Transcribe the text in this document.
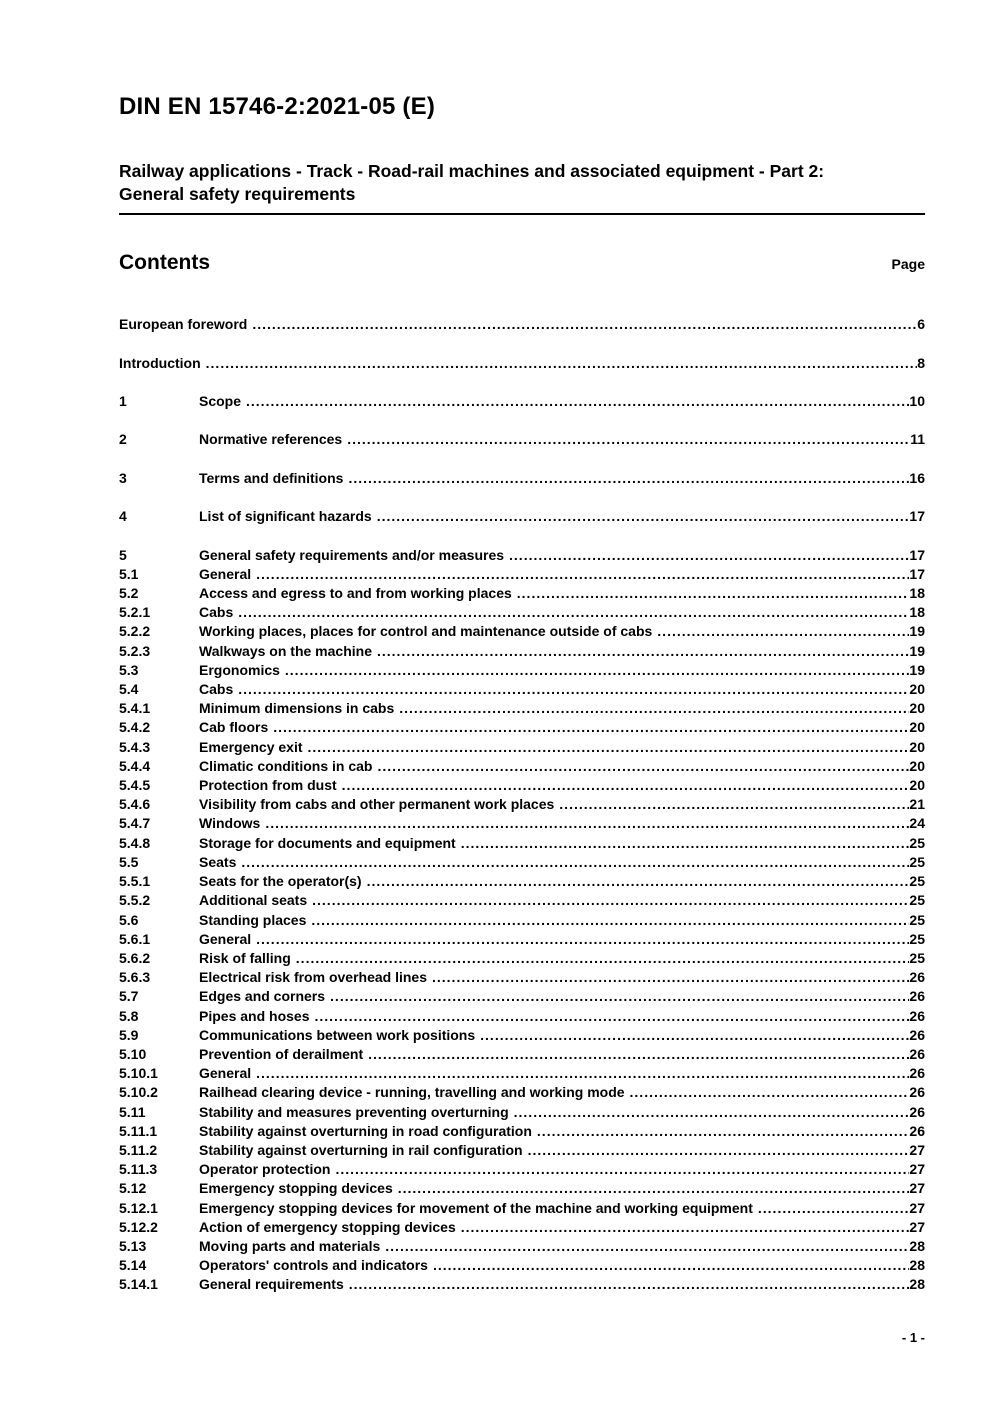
DIN EN 15746-2:2021-05 (E)
Railway applications - Track - Road-rail machines and associated equipment - Part 2:
General safety requirements
Contents	Page
European foreword .....	6
Introduction .....	8
1	Scope .....	10
2	Normative references .....	11
3	Terms and definitions .....	16
4	List of significant hazards .....	17
5	General safety requirements and/or measures .....	17
5.1	General .....	17
5.2	Access and egress to and from working places .....	18
5.2.1	Cabs .....	18
5.2.2	Working places, places for control and maintenance outside of cabs .....	19
5.2.3	Walkways on the machine .....	19
5.3	Ergonomics .....	19
5.4	Cabs .....	20
5.4.1	Minimum dimensions in cabs .....	20
5.4.2	Cab floors .....	20
5.4.3	Emergency exit .....	20
5.4.4	Climatic conditions in cab .....	20
5.4.5	Protection from dust .....	20
5.4.6	Visibility from cabs and other permanent work places .....	21
5.4.7	Windows .....	24
5.4.8	Storage for documents and equipment .....	25
5.5	Seats .....	25
5.5.1	Seats for the operator(s) .....	25
5.5.2	Additional seats .....	25
5.6	Standing places .....	25
5.6.1	General .....	25
5.6.2	Risk of falling .....	25
5.6.3	Electrical risk from overhead lines .....	26
5.7	Edges and corners .....	26
5.8	Pipes and hoses .....	26
5.9	Communications between work positions .....	26
5.10	Prevention of derailment .....	26
5.10.1	General .....	26
5.10.2	Railhead clearing device - running, travelling and working mode .....	26
5.11	Stability and measures preventing overturning .....	26
5.11.1	Stability against overturning in road configuration .....	26
5.11.2	Stability against overturning in rail configuration .....	27
5.11.3	Operator protection .....	27
5.12	Emergency stopping devices .....	27
5.12.1	Emergency stopping devices for movement of the machine and working equipment .....	27
5.12.2	Action of emergency stopping devices .....	27
5.13	Moving parts and materials .....	28
5.14	Operators' controls and indicators .....	28
5.14.1	General requirements .....	28
- 1 -
